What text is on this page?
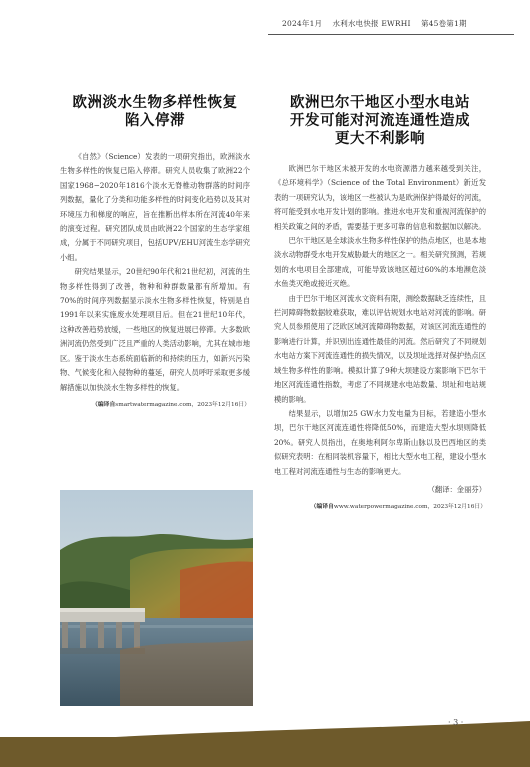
2024年1月　 水利水电快报 EWRHI　 第45卷第1期
欧洲淡水生物多样性恢复
陷入停滞

《自然》（Science）发表的一项研究指出，欧洲淡水生物多样性的恢复已陷入停滞。研究人员收集了欧洲22个国家1968−2020年1816个淡水无脊椎动物群落的时间序列数据，量化了分类和功能多样性的时间变化趋势以及其对环境压力和梯度的响应，旨在推断出样本所在河流40年来的演变过程。研究团队成员由欧洲22个国家的生态学家组成，分属于不同研究项目，包括UPV/EHU河流生态学研究小组。

研究结果显示，20世纪90年代和21世纪初，河流的生物多样性得到了改善，物种和种群数量都有所增加。有70%的时间序列数据显示淡水生物多样性恢复，特别是自1991年以来实施废水处理项目后。但在21世纪10年代，这种改善趋势放缓，一些地区的恢复进展已停滞。大多数欧洲河流仍然受到广泛且严重的人类活动影响，尤其在城市地区。鉴于淡水生态系统面临新的和持续的压力，如新兴污染物、气候变化和入侵物种的蔓延，研究人员呼吁采取更多缓解措施以加快淡水生物多样性的恢复。

（编译自smartwatermagazine.com，2023年12月16日）

欧洲巴尔干地区小型水电站
开发可能对河流连通性造成
更大不利影响

欧洲巴尔干地区未被开发的水电资源潜力越来越受到关注，《总环境科学》（Science of the Total Environment）新近发表的一项研究认为，该地区一些被认为是欧洲保护得最好的河流，将可能受到水电开发计划的影响。推进水电开发和重视河流保护的相关政策之间的矛盾，需要基于更多可靠的信息和数据加以解决。

巴尔干地区是全球淡水生物多样性保护的热点地区，也是本地淡水动物群受水电开发威胁最大的地区之一。相关研究预测，若规划的水电项目全部建成，可能导致该地区超过60%的本地濒危淡水鱼类灭绝或接近灭绝。

由于巴尔干地区河流水文资料有限，测绘数据缺乏连续性，且拦河障碍物数据较难获取，难以评估规划水电站对河流的影响。研究人员参照使用了泛欧区域河流障碍物数据，对该区河流连通性的影响进行计算，并识别出连通性最佳的河流。然后研究了不同规划水电站方案下河流连通性的损失情况，以及坝址选择对保护热点区域生物多样性的影响。模拟计算了9种大坝建设方案影响下巴尔干地区河流连通性指数，考虑了不同规建水电站数量、坝址和电站规模的影响。

结果显示，以增加25 GW水力发电量为目标，若建造小型水坝，巴尔干地区河流连通性将降低50%，而建造大型水坝则降低20%。研究人员指出，在奥地利阿尔卑斯山脉以及巴西地区的类似研究表明：在相同装机容量下，相比大型水电工程，建设小型水电工程对河流连通性与生态的影响更大。

（翻译：金丽芬）

（编译自www.waterpowermagazine.com，2023年12月16日）

· 3 ·
